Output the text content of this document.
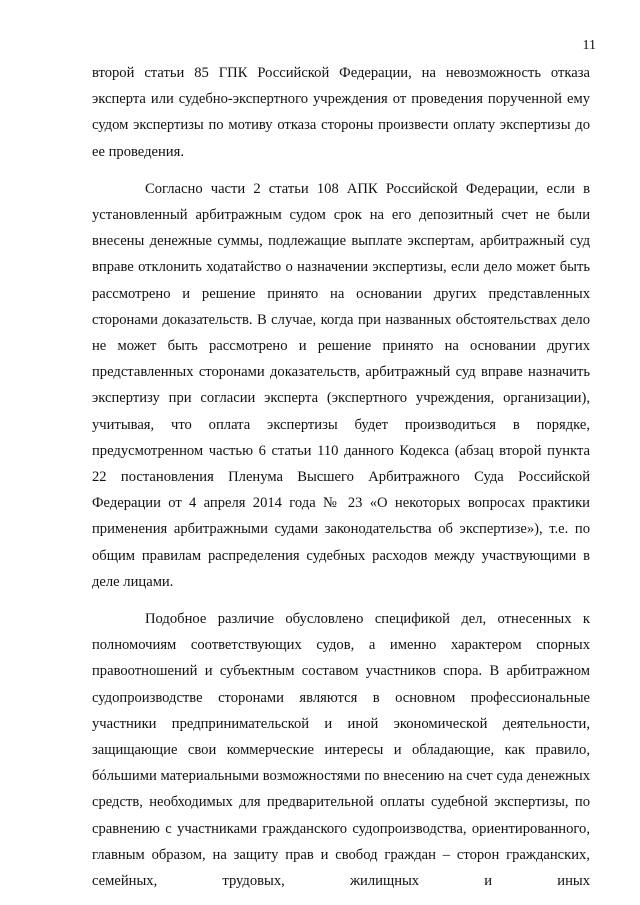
11

второй статьи 85 ГПК Российской Федерации, на невозможность отказа эксперта или судебно-экспертного учреждения от проведения порученной ему судом экспертизы по мотиву отказа стороны произвести оплату экспертизы до ее проведения.

Согласно части 2 статьи 108 АПК Российской Федерации, если в установленный арбитражным судом срок на его депозитный счет не были внесены денежные суммы, подлежащие выплате экспертам, арбитражный суд вправе отклонить ходатайство о назначении экспертизы, если дело может быть рассмотрено и решение принято на основании других представленных сторонами доказательств. В случае, когда при названных обстоятельствах дело не может быть рассмотрено и решение принято на основании других представленных сторонами доказательств, арбитражный суд вправе назначить экспертизу при согласии эксперта (экспертного учреждения, организации), учитывая, что оплата экспертизы будет производиться в порядке, предусмотренном частью 6 статьи 110 данного Кодекса (абзац второй пункта 22 постановления Пленума Высшего Арбитражного Суда Российской Федерации от 4 апреля 2014 года № 23 «О некоторых вопросах практики применения арбитражными судами законодательства об экспертизе»), т.е. по общим правилам распределения судебных расходов между участвующими в деле лицами.

Подобное различие обусловлено спецификой дел, отнесенных к полномочиям соответствующих судов, а именно характером спорных правоотношений и субъектным составом участников спора. В арбитражном судопроизводстве сторонами являются в основном профессиональные участники предпринимательской и иной экономической деятельности, защищающие свои коммерческие интересы и обладающие, как правило, бóльшими материальными возможностями по внесению на счет суда денежных средств, необходимых для предварительной оплаты судебной экспертизы, по сравнению с участниками гражданского судопроизводства, ориентированного, главным образом, на защиту прав и свобод граждан – сторон гражданских, семейных, трудовых, жилищных и иных
